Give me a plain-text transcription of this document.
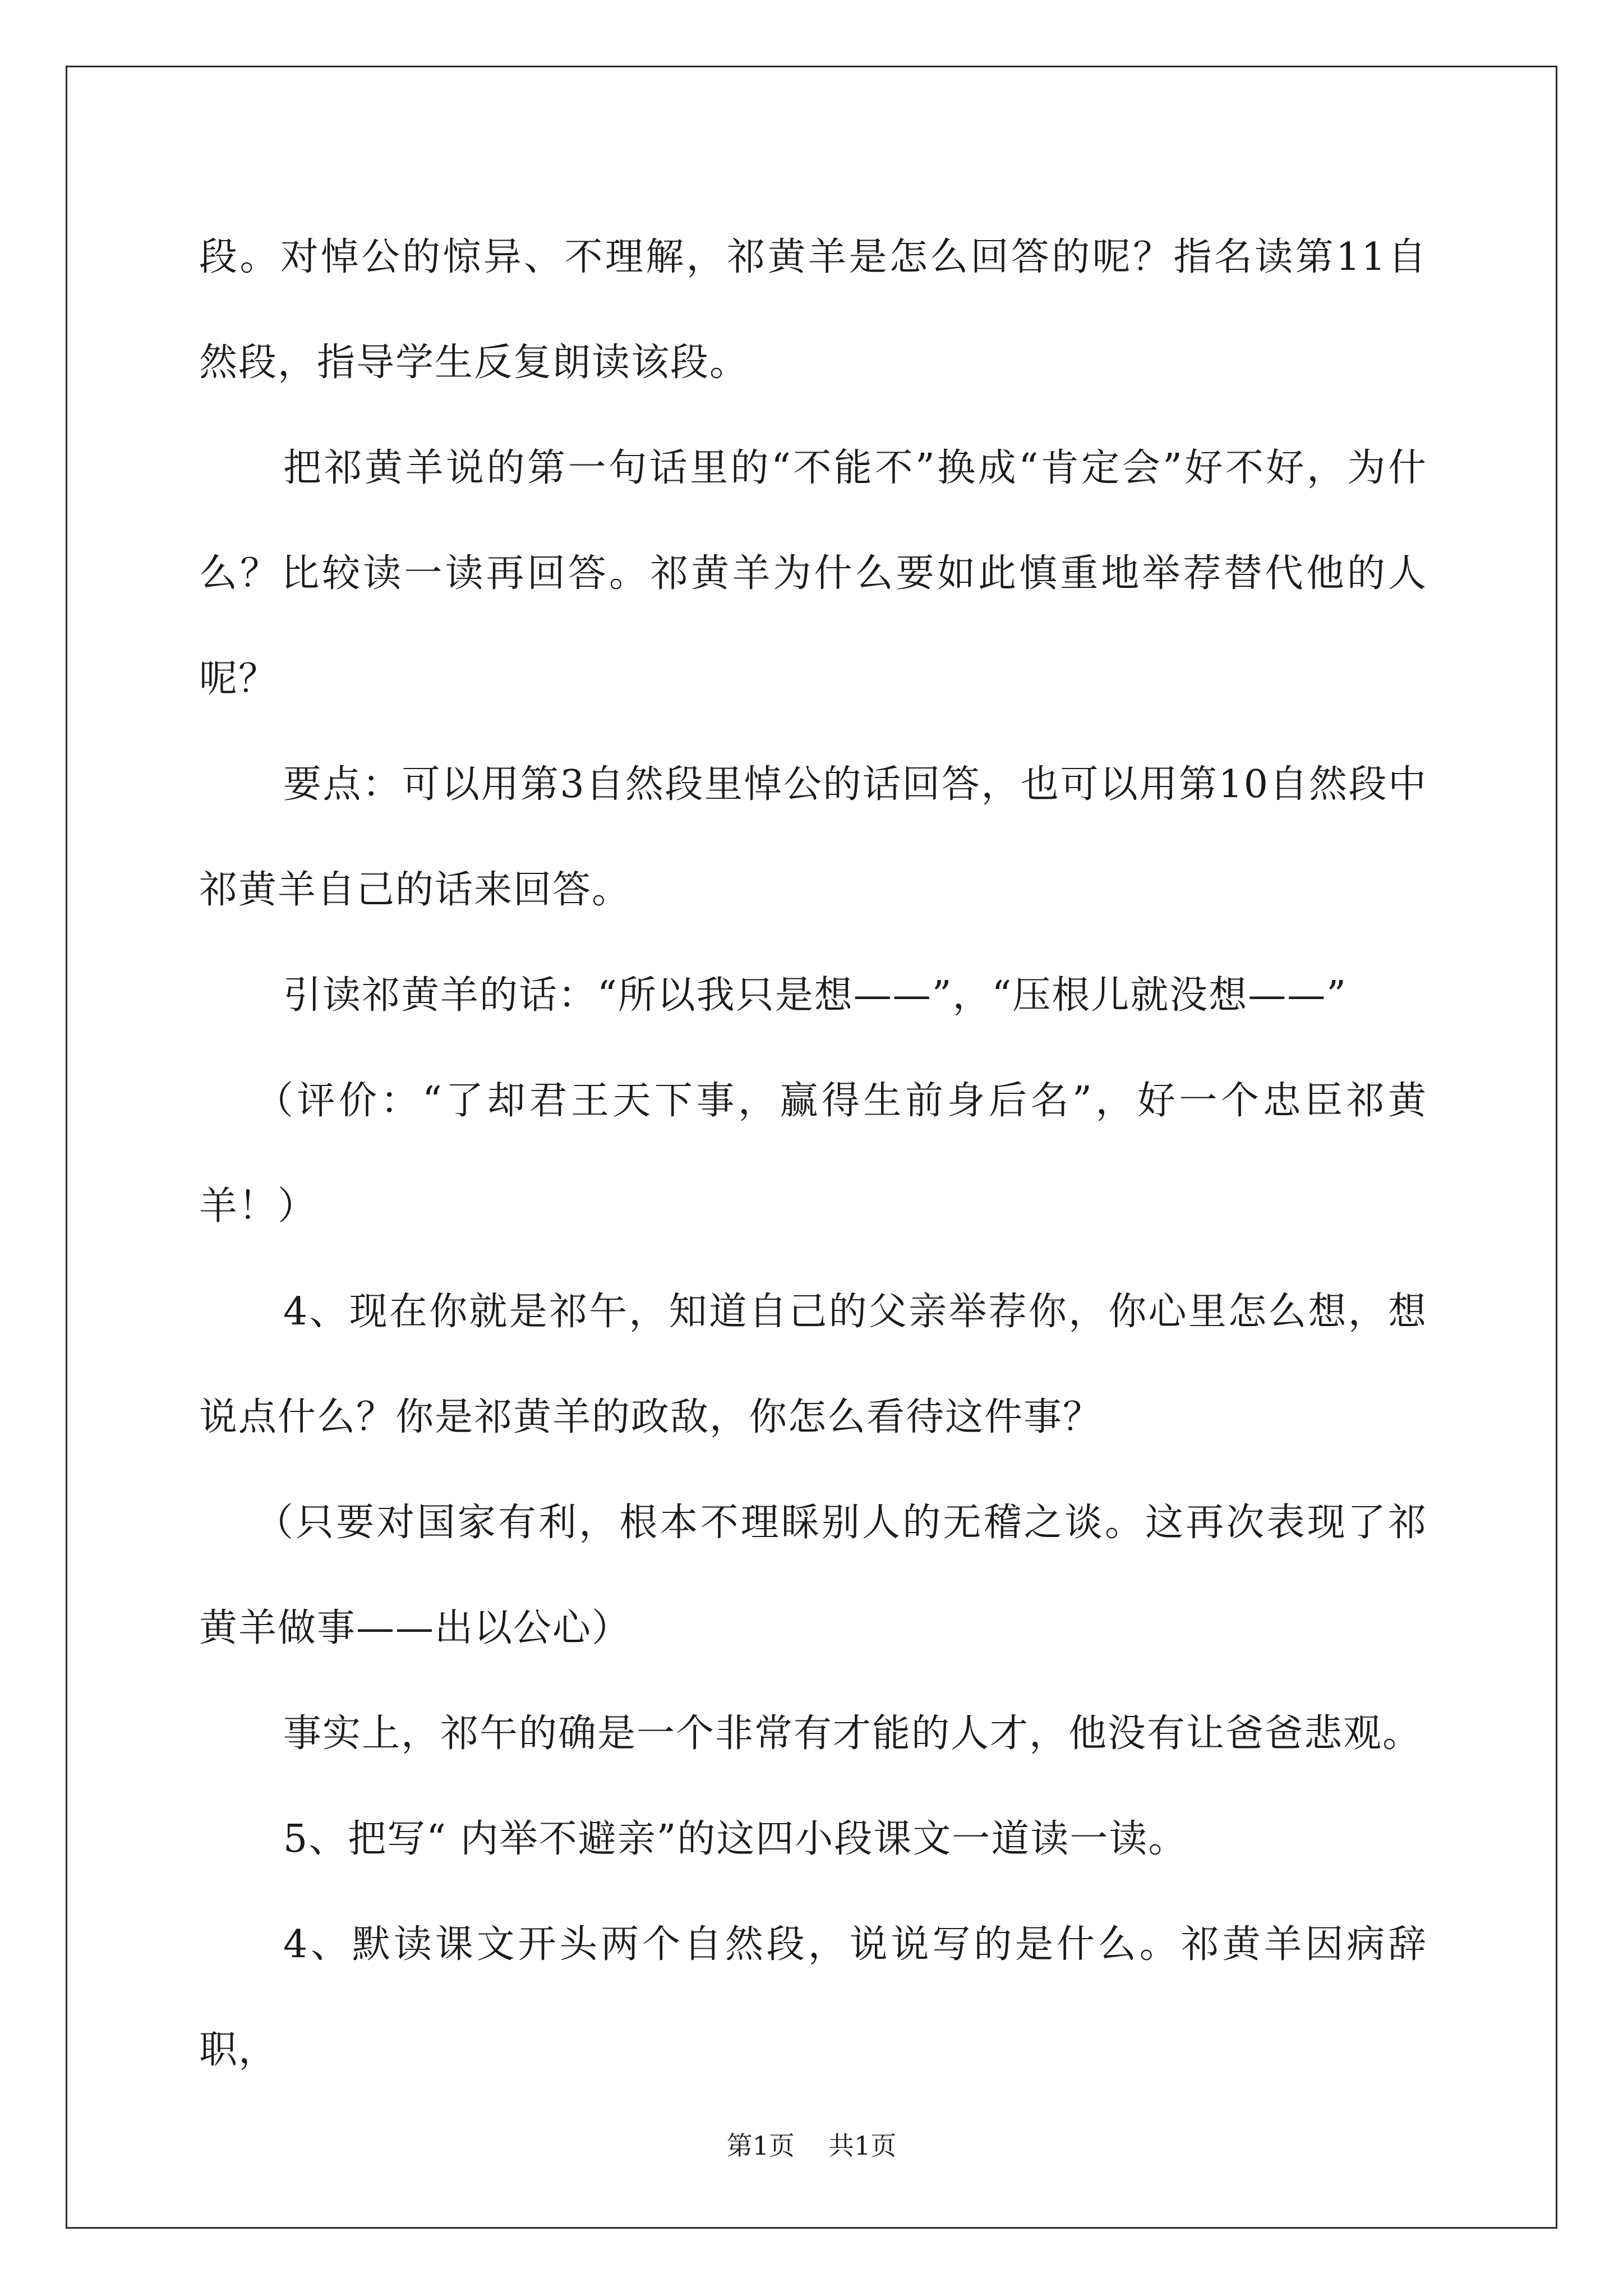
段。对悼公的惊异、不理解，祁黄羊是怎么回答的呢？指名读第11自然段，指导学生反复朗读该段。

把祁黄羊说的第一句话里的“不能不”换成“肯定会”好不好，为什么？比较读一读再回答。祁黄羊为什么要如此慎重地举荐替代他的人呢？

要点：可以用第3自然段里悼公的话回答，也可以用第10自然段中祁黄羊自己的话来回答。

引读祁黄羊的话：“所以我只是想——”，“压根儿就没想——”

（评价：“了却君王天下事，赢得生前身后名”，好一个忠臣祁黄羊！）

4、现在你就是祁午，知道自己的父亲举荐你，你心里怎么想，想说点什么？你是祁黄羊的政敌，你怎么看待这件事？

（只要对国家有利，根本不理睬别人的无稽之谈。这再次表现了祁黄羊做事——出以公心）

事实上，祁午的确是一个非常有才能的人才，他没有让爸爸悲观。

5、把写“ 内举不避亲”的这四小段课文一道读一读。

4、默读课文开头两个自然段，说说写的是什么。祁黄羊因病辞职，

第1页 共1页
